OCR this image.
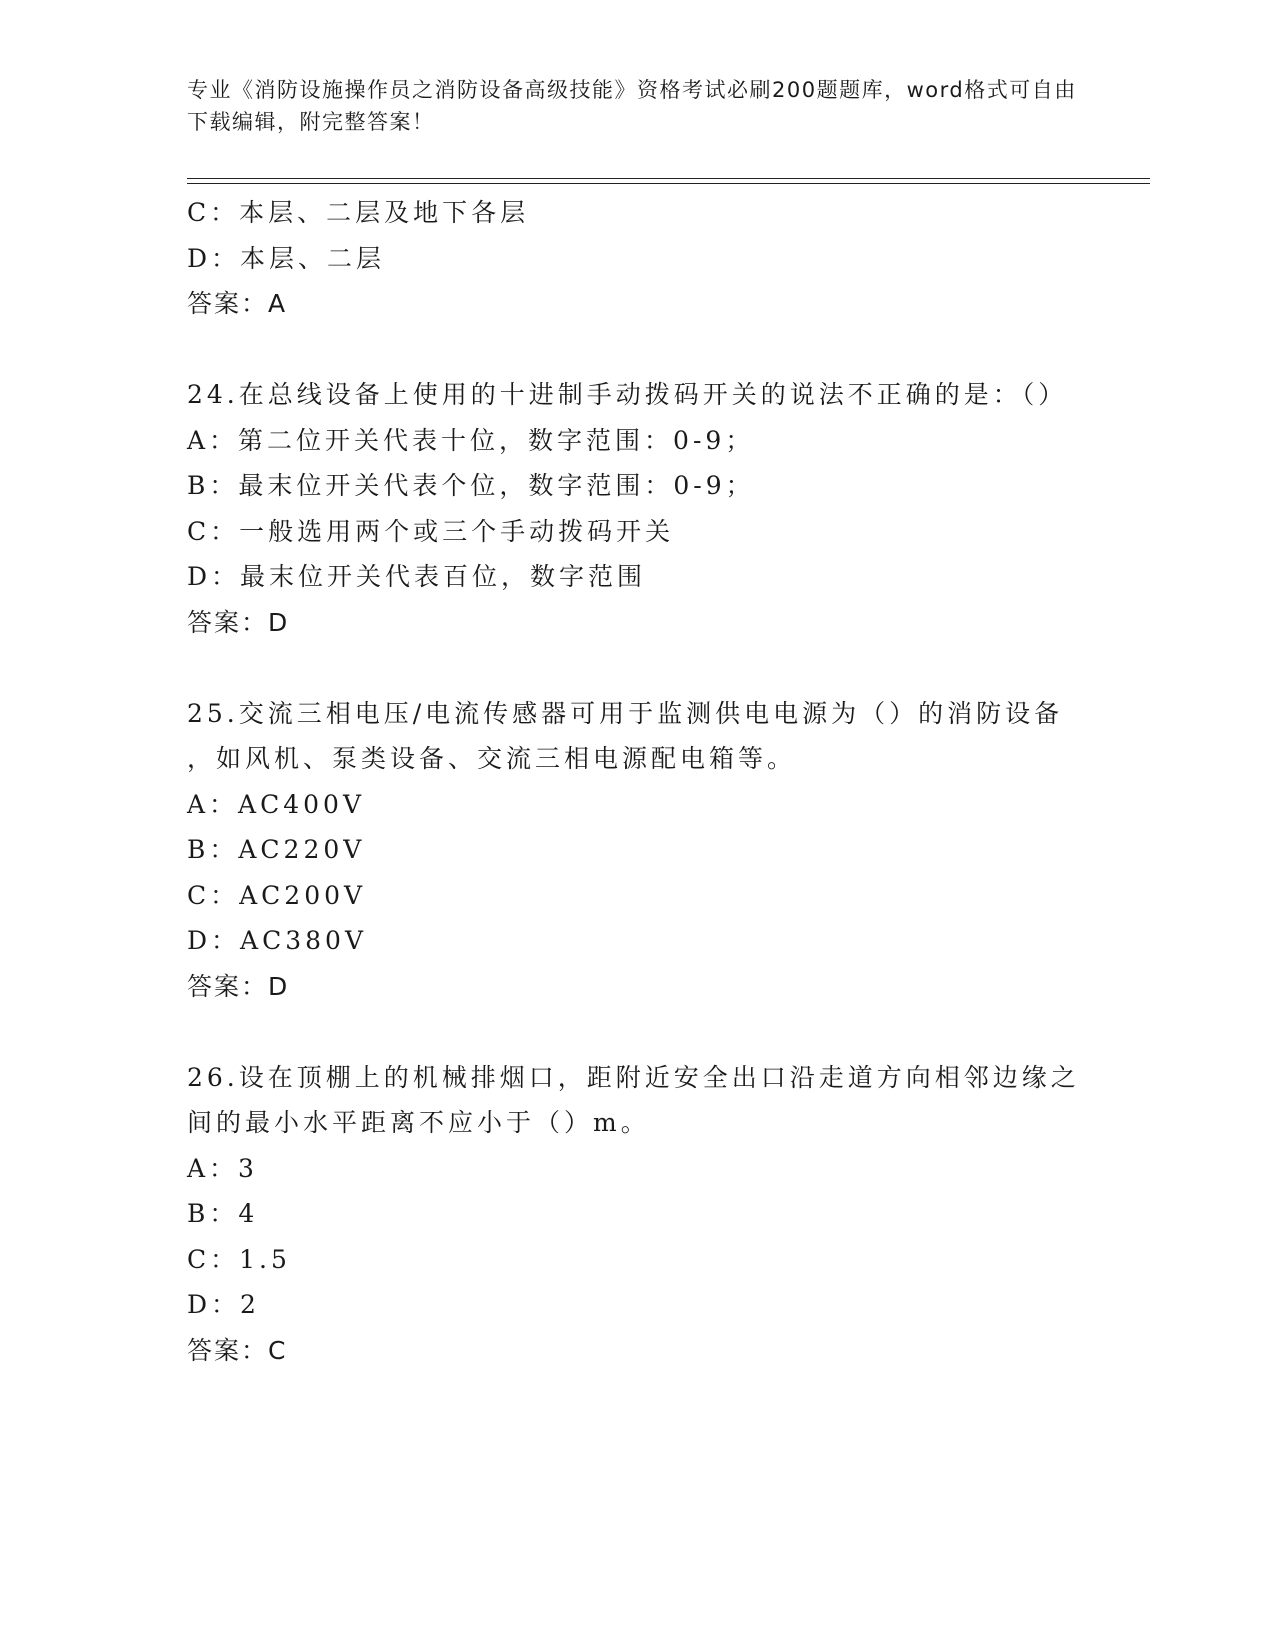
专业《消防设施操作员之消防设备高级技能》资格考试必刷200题题库，word格式可自由下载编辑，附完整答案！
C：本层、二层及地下各层
D：本层、二层
答案：A
24.在总线设备上使用的十进制手动拨码开关的说法不正确的是：（）
A：第二位开关代表十位，数字范围：0-9；
B：最末位开关代表个位，数字范围：0-9；
C：一般选用两个或三个手动拨码开关
D：最末位开关代表百位，数字范围
答案：D
25.交流三相电压/电流传感器可用于监测供电电源为（）的消防设备
，如风机、泵类设备、交流三相电源配电箱等。
A：AC400V
B：AC220V
C：AC200V
D：AC380V
答案：D
26.设在顶棚上的机械排烟口，距附近安全出口沿走道方向相邻边缘之
间的最小水平距离不应小于（）m。
A：3
B：4
C：1.5
D：2
答案：C
